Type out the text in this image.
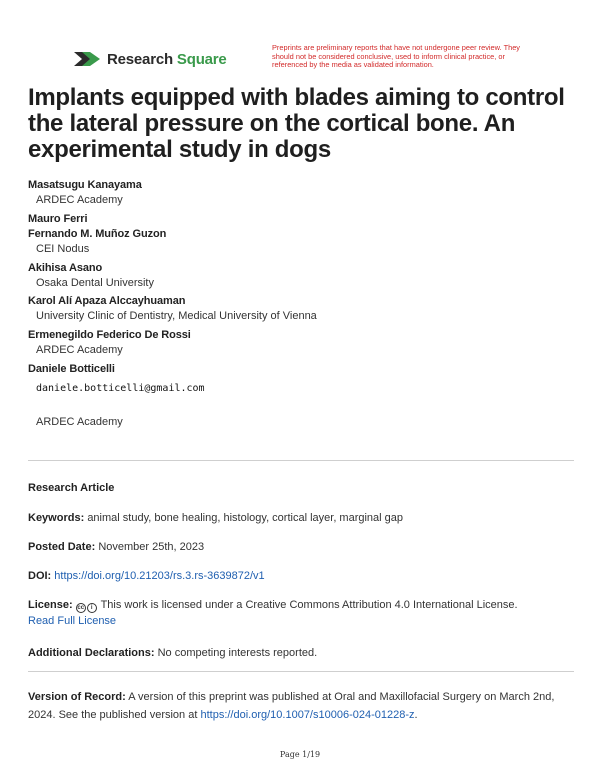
Research Square
Preprints are preliminary reports that have not undergone peer review. They should not be considered conclusive, used to inform clinical practice, or referenced by the media as validated information.
Implants equipped with blades aiming to control the lateral pressure on the cortical bone. An experimental study in dogs
Masatsugu Kanayama
ARDEC Academy
Mauro Ferri
Fernando M. Muñoz Guzon
CEI Nodus
Akihisa Asano
Osaka Dental University
Karol Alí Apaza Alccayhuaman
University Clinic of Dentistry, Medical University of Vienna
Ermenegildo Federico De Rossi
ARDEC Academy
Daniele Botticelli
daniele.botticelli@gmail.com
ARDEC Academy
Research Article
Keywords: animal study, bone healing, histology, cortical layer, marginal gap
Posted Date: November 25th, 2023
DOI: https://doi.org/10.21203/rs.3.rs-3639872/v1
License: cc i This work is licensed under a Creative Commons Attribution 4.0 International License.
Read Full License
Additional Declarations: No competing interests reported.
Version of Record: A version of this preprint was published at Oral and Maxillofacial Surgery on March 2nd, 2024. See the published version at https://doi.org/10.1007/s10006-024-01228-z.
Page 1/19
